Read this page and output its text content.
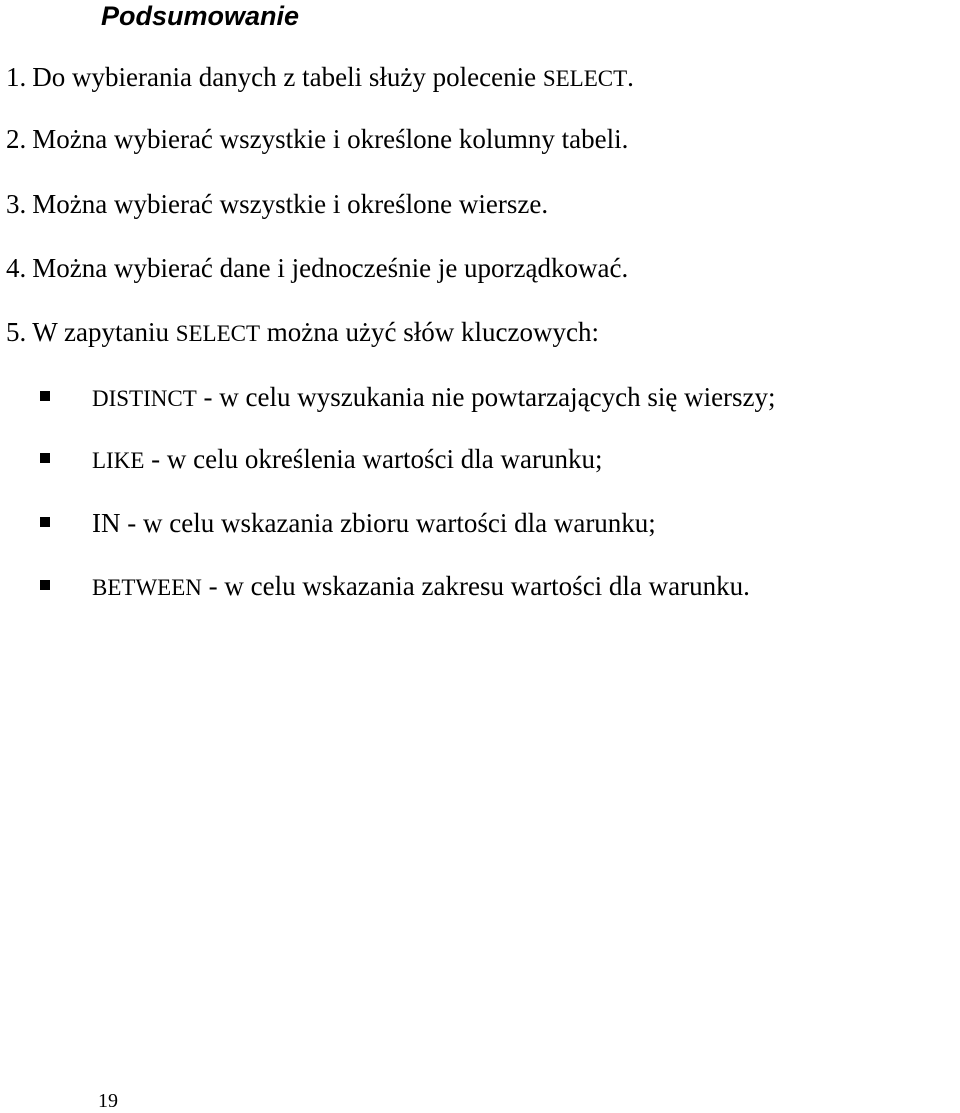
Podsumowanie
1. Do wybierania danych z tabeli służy polecenie SELECT.
2. Można wybierać wszystkie i określone kolumny tabeli.
3. Można wybierać wszystkie i określone wiersze.
4. Można wybierać dane i jednocześnie je uporządkować.
5. W zapytaniu SELECT można użyć słów kluczowych:
DISTINCT - w celu wyszukania nie powtarzających się wierszy;
LIKE - w celu określenia wartości dla warunku;
IN - w celu wskazania zbioru wartości dla warunku;
BETWEEN - w celu wskazania zakresu wartości dla warunku.
19
